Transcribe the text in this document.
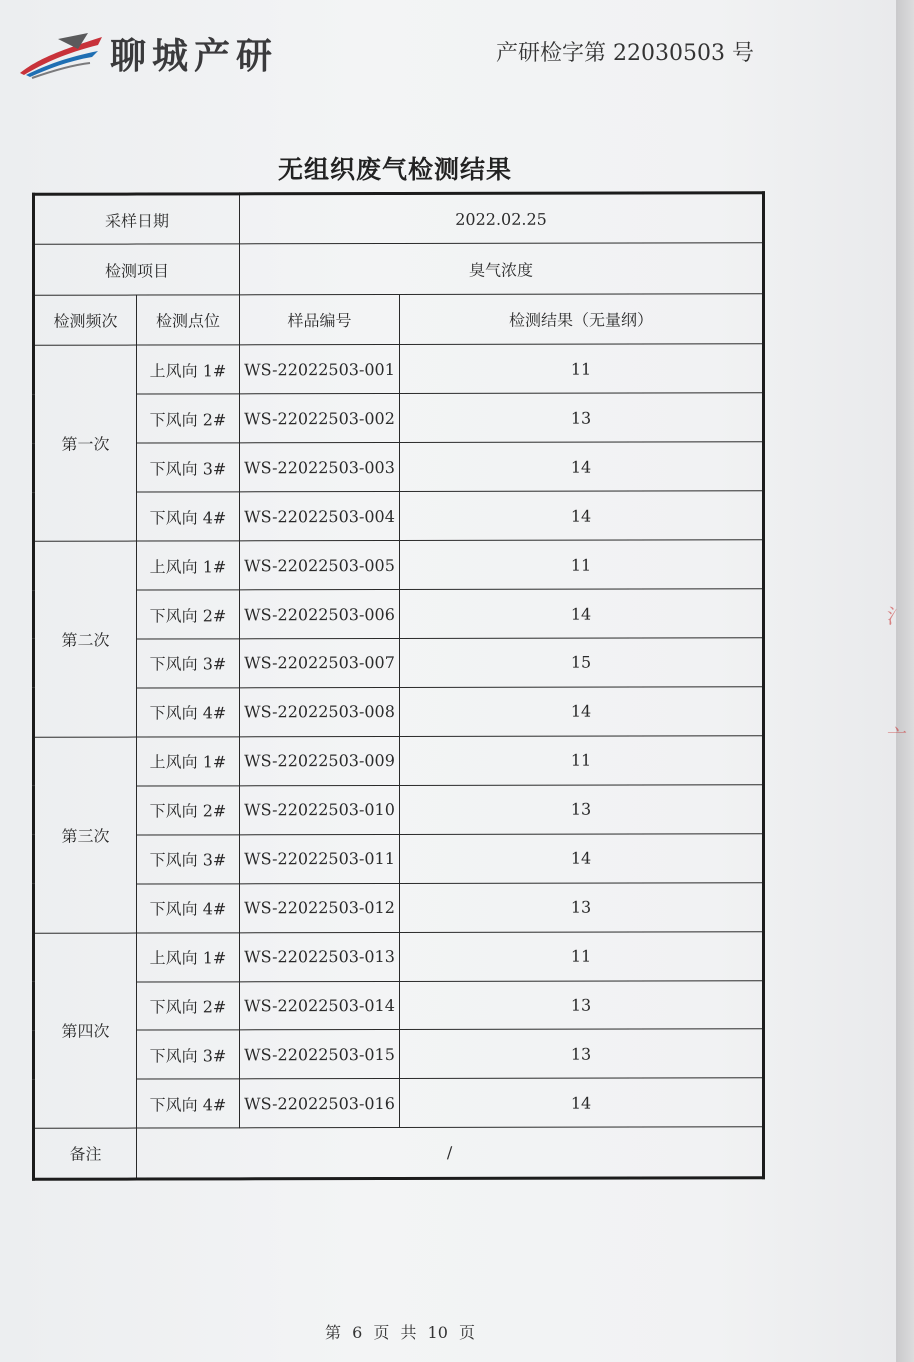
聊城产研	产研检字第 22030503 号
无组织废气检测结果
采样日期		2022.02.25	
检测项目		臭气浓度	
检测频次	检测点位	样品编号	检测结果（无量纲）
第一次	上风向 1#	WS-22022503-001	11
	下风向 2#	WS-22022503-002	13
	下风向 3#	WS-22022503-003	14
	下风向 4#	WS-22022503-004	14
第二次	上风向 1#	WS-22022503-005	11
	下风向 2#	WS-22022503-006	14
	下风向 3#	WS-22022503-007	15
	下风向 4#	WS-22022503-008	14
第三次	上风向 1#	WS-22022503-009	11
	下风向 2#	WS-22022503-010	13
	下风向 3#	WS-22022503-011	14
	下风向 4#	WS-22022503-012	13
第四次	上风向 1#	WS-22022503-013	11
	下风向 2#	WS-22022503-014	13
	下风向 3#	WS-22022503-015	13
	下风向 4#	WS-22022503-016	14
备注	/		
第 6 页 共 10 页
氵
亠
